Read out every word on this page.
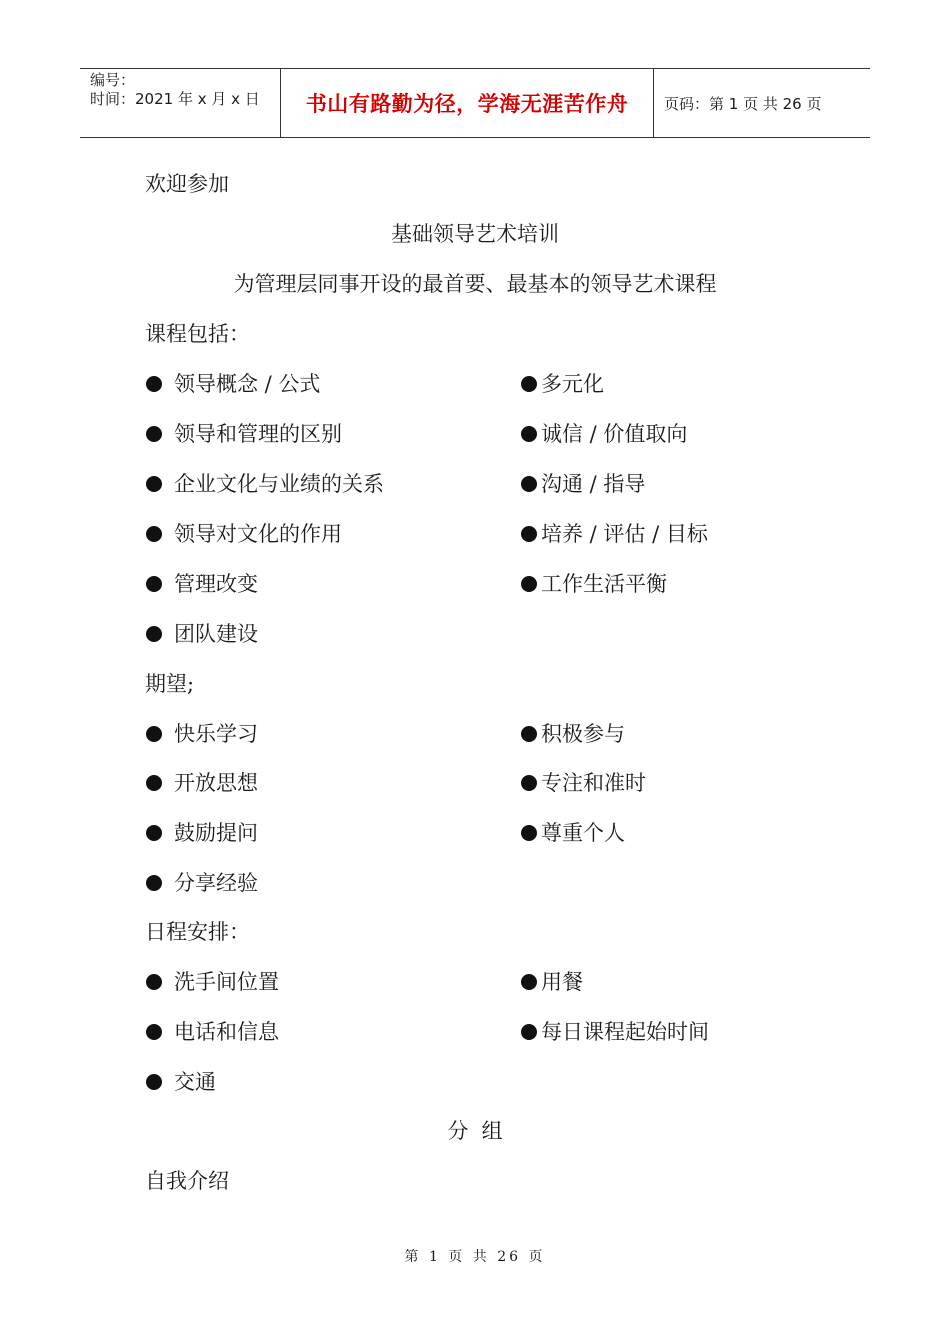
编号：
时间：2021 年 x 月 x 日	书山有路勤为径，学海无涯苦作舟	页码：第 1 页 共 26 页
欢迎参加
基础领导艺术培训
为管理层同事开设的最首要、最基本的领导艺术课程
课程包括：
领导概念 / 公式	多元化
领导和管理的区别	诚信 / 价值取向
企业文化与业绩的关系	沟通 / 指导
领导对文化的作用	培养 / 评估 / 目标
管理改变	工作生活平衡
团队建设
期望;
快乐学习	积极参与
开放思想	专注和准时
鼓励提问	尊重个人
分享经验
日程安排：
洗手间位置	用餐
电话和信息	每日课程起始时间
交通
分  组
自我介绍
第 1 页 共 26 页
